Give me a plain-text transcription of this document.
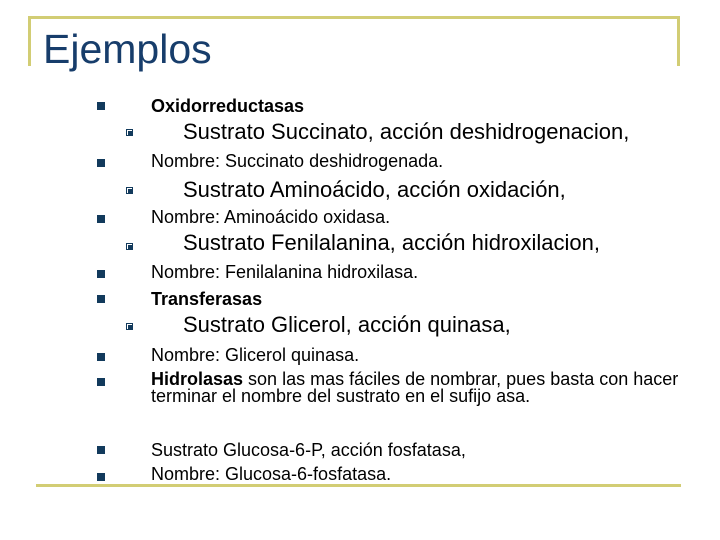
Ejemplos
Oxidorreductasas
Sustrato Succinato, acción deshidrogenacion,
Nombre: Succinato deshidrogenada.
Sustrato Aminoácido, acción oxidación,
Nombre: Aminoácido oxidasa.
Sustrato Fenilalanina, acción hidroxilacion,
Nombre: Fenilalanina hidroxilasa.
Transferasas
Sustrato Glicerol, acción quinasa,
Nombre: Glicerol quinasa.
Hidrolasas son las mas fáciles de nombrar, pues basta con hacer terminar el nombre del sustrato en el sufijo asa.
Sustrato Glucosa-6-P, acción fosfatasa,
Nombre: Glucosa-6-fosfatasa.
